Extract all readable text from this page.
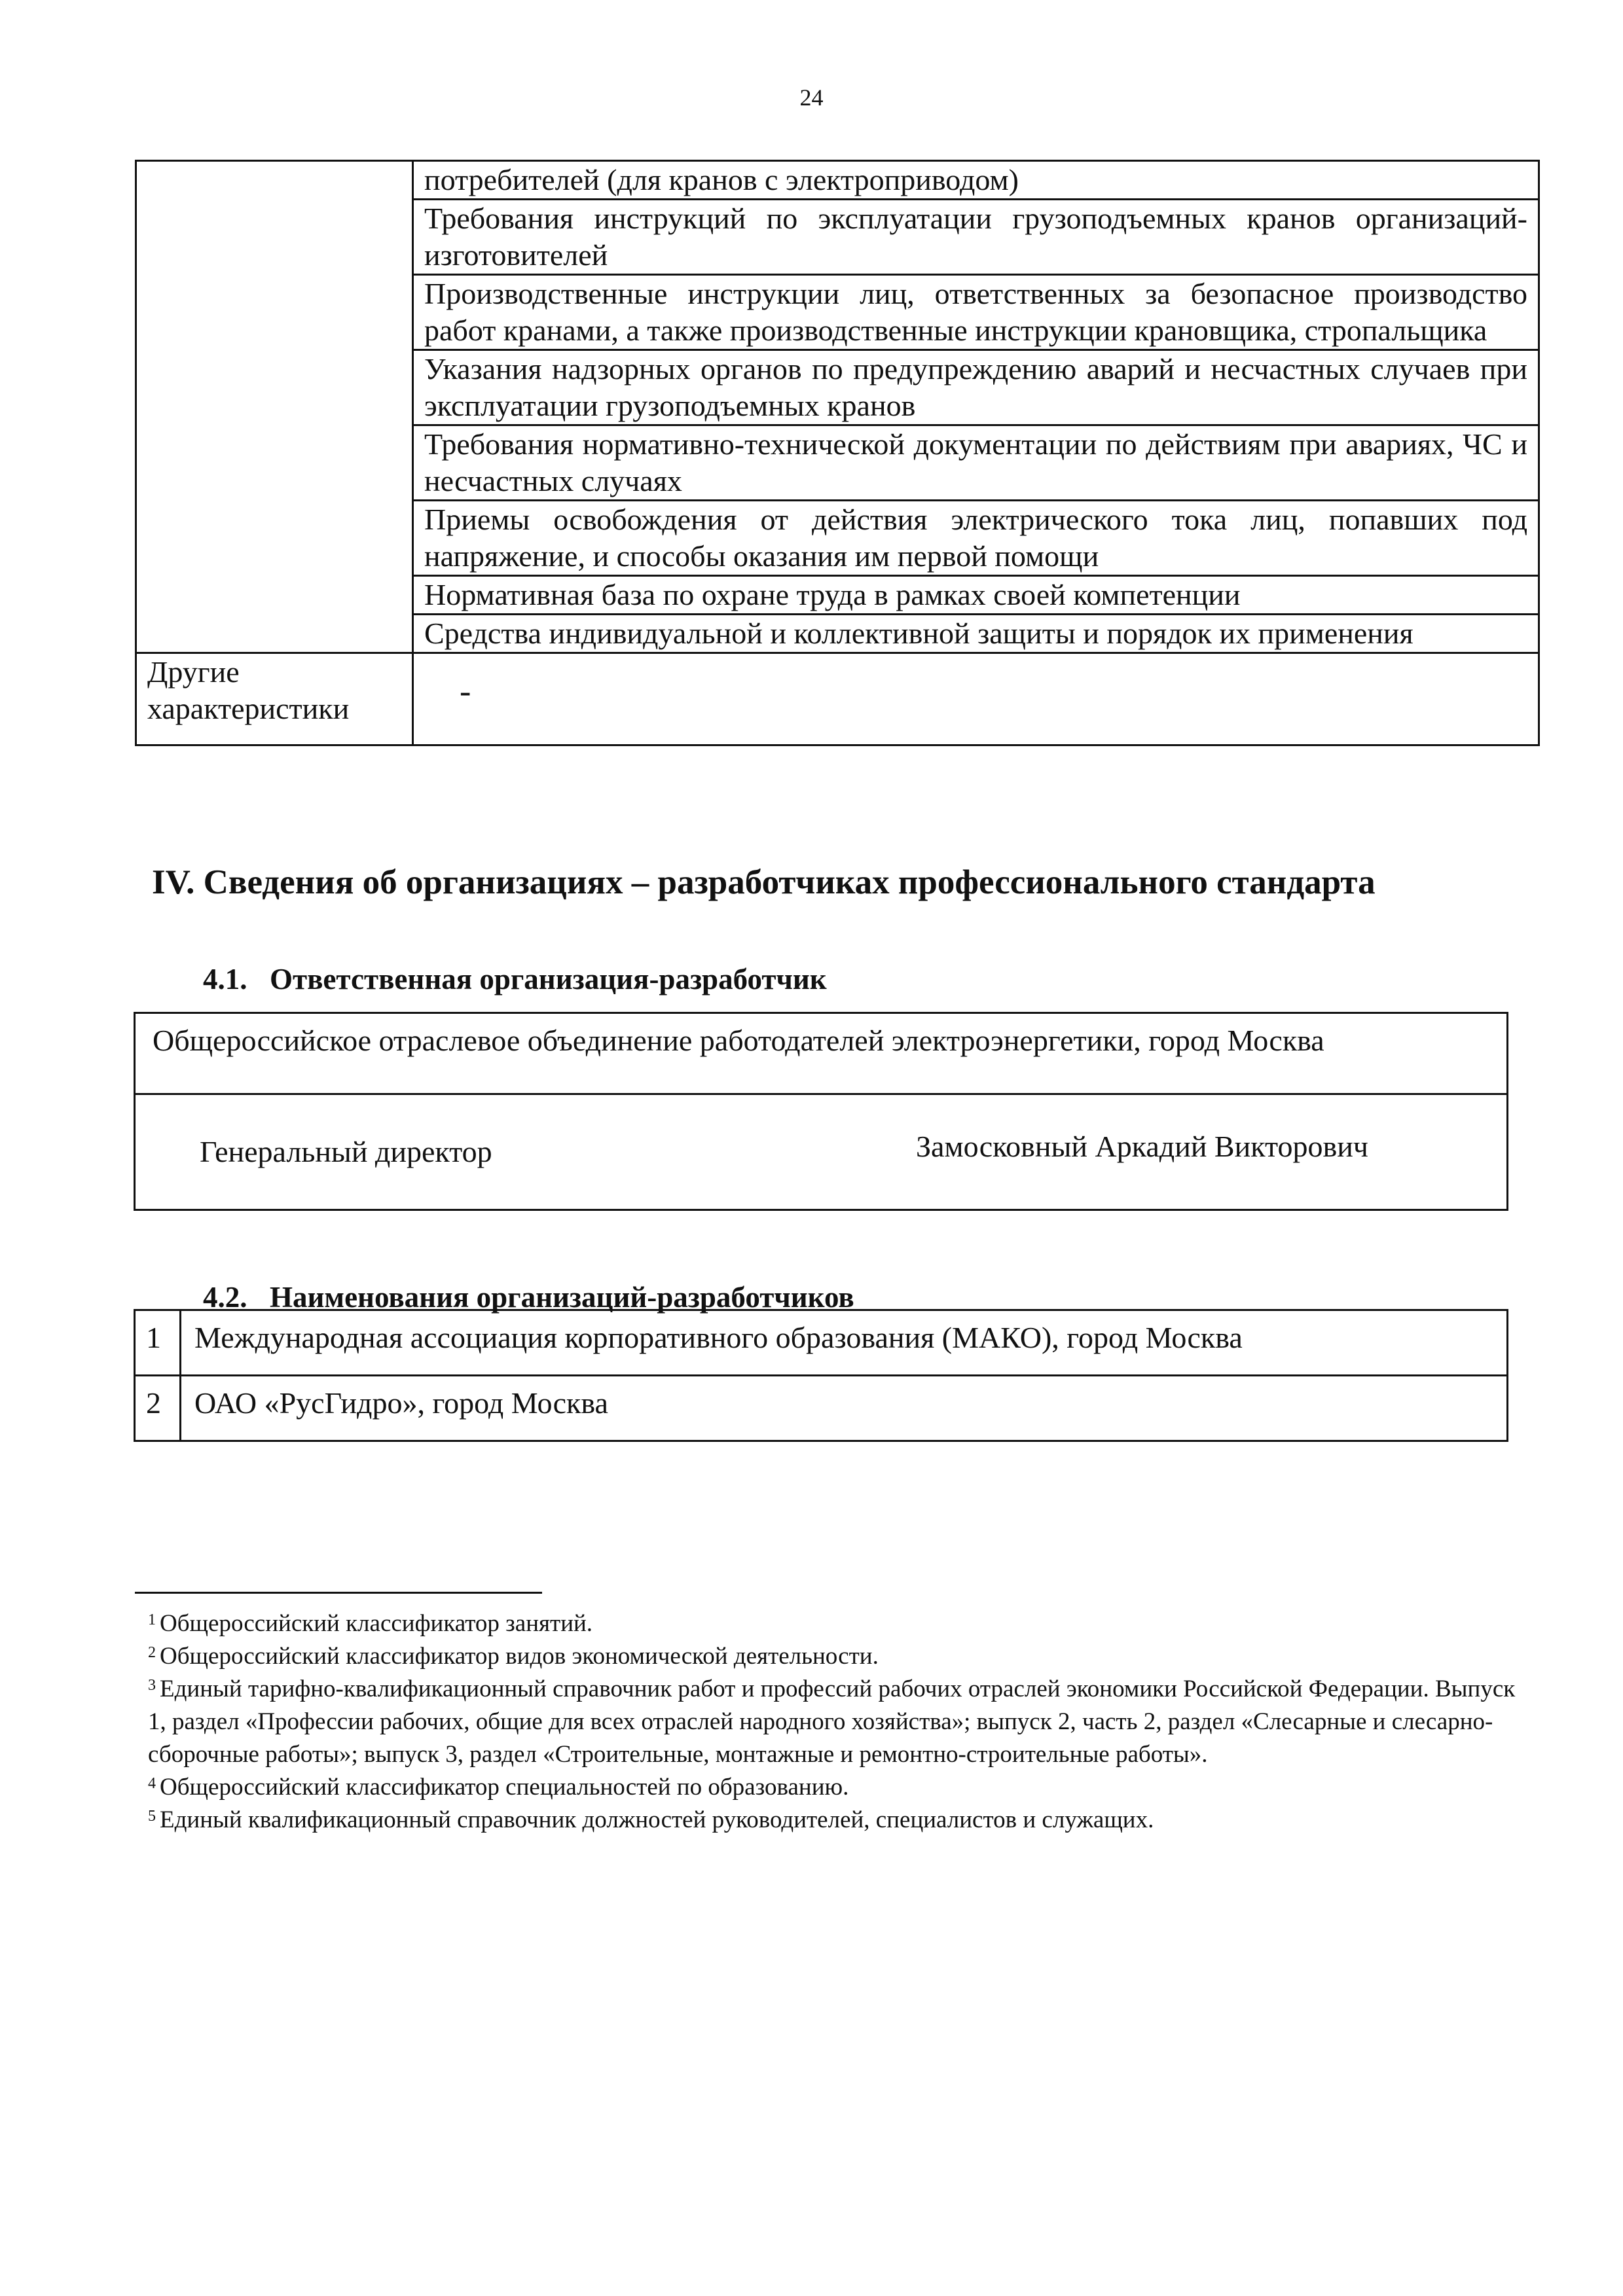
24
	потребителей (для кранов с электроприводом)
	Требования инструкций по эксплуатации грузоподъемных кранов организаций-изготовителей
	Производственные инструкции лиц, ответственных за безопасное производство работ кранами, а также производственные инструкции крановщика, стропальщика
	Указания надзорных органов по предупреждению аварий и несчастных случаев при эксплуатации грузоподъемных кранов
	Требования нормативно-технической документации по действиям при авариях, ЧС и несчастных случаях
	Приемы освобождения от действия электрического тока лиц, попавших под напряжение, и способы оказания им первой помощи
	Нормативная база по охране труда в рамках своей компетенции
	Средства индивидуальной и коллективной защиты и порядок их применения
Другие характеристики	-
IV. Сведения об организациях – разработчиках профессионального стандарта
4.1. Ответственная организация-разработчик
Общероссийское отраслевое объединение работодателей электроэнергетики, город Москва
Генеральный директор	Замосковный Аркадий Викторович
4.2. Наименования организаций-разработчиков
1	Международная ассоциация корпоративного образования (МАКО), город Москва
2	ОАО «РусГидро», город Москва

$^1$ Общероссийский классификатор занятий.

$^2$ Общероссийский классификатор видов экономической деятельности.

$^3$ Единый тарифно-квалификационный справочник работ и профессий рабочих отраслей экономики Российской Федерации. Выпуск 1, раздел «Профессии рабочих, общие для всех отраслей народного хозяйства»; выпуск 2, часть 2, раздел «Слесарные и слесарно-сборочные работы»; выпуск 3, раздел «Строительные, монтажные и ремонтно-строительные работы».

$^4$ Общероссийский классификатор специальностей по образованию.

$^5$ Единый квалификационный справочник должностей руководителей, специалистов и служащих.
